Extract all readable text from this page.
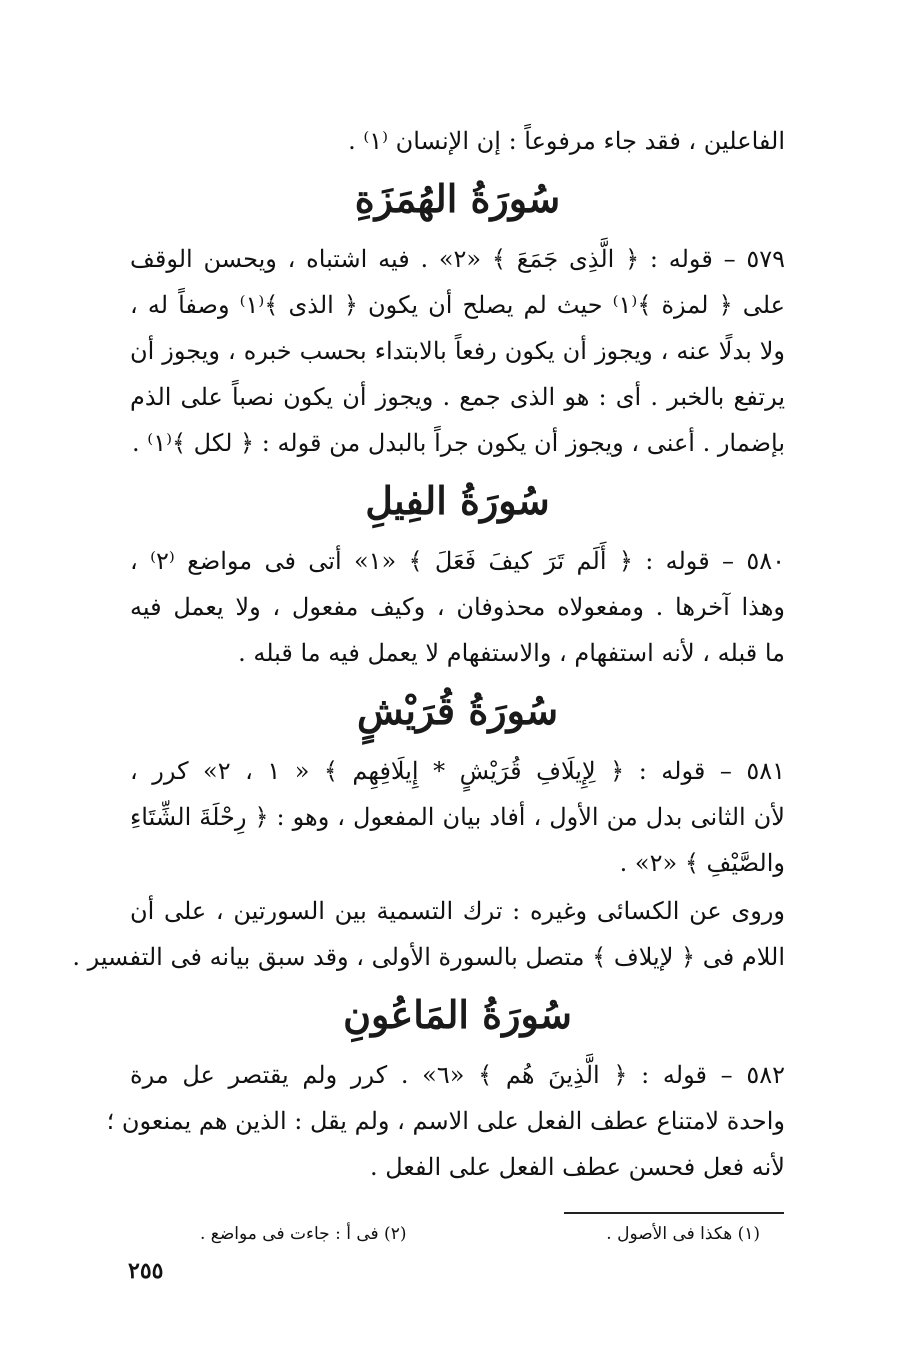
الفاعلين ، فقد جاء مرفوعاً : إن الإنسان ⁽١⁾ .
سُورَةُ الهُمَزَةِ
٥٧٩ – قوله : ﴿ الَّذِى جَمَعَ ﴾ «٢» . فيه اشتباه ، ويحسن الوقف
على ﴿ لمزة ﴾⁽١⁾ حيث لم يصلح أن يكون ﴿ الذى ﴾⁽١⁾ وصفاً له ،
ولا بدلًا عنه ، ويجوز أن يكون رفعاً بالابتداء بحسب خبره ، ويجوز أن
يرتفع بالخبر . أى : هو الذى جمع . ويجوز أن يكون نصباً على الذم
بإضمار . أعنى ، ويجوز أن يكون جراً بالبدل من قوله : ﴿ لكل ﴾⁽١⁾ .
سُورَةُ الفِيلِ
٥٨٠ – قوله : ﴿ أَلَم تَرَ كيفَ فَعَلَ ﴾ «١» أتى فى مواضع ⁽٢⁾ ،
وهذا آخرها . ومفعولاه محذوفان ، وكيف مفعول ، ولا يعمل فيه
ما قبله ، لأنه استفهام ، والاستفهام لا يعمل فيه ما قبله .
سُورَةُ قُرَيْشٍ
٥٨١ – قوله : ﴿ لِإِيلَافِ قُرَيْشٍ * إِيلَافِهِم ﴾ « ١ ، ٢» كرر ،
لأن الثانى بدل من الأول ، أفاد بيان المفعول ، وهو : ﴿ رِحْلَةَ الشِّتَاءِ
والصَّيْفِ ﴾ «٢» .
وروى عن الكسائى وغيره : ترك التسمية بين السورتين ، على أن
اللام فى ﴿ لإيلاف ﴾ متصل بالسورة الأولى ، وقد سبق بيانه فى التفسير .
سُورَةُ المَاعُونِ
٥٨٢ – قوله : ﴿ الَّذِينَ هُم ﴾ «٦» . كرر ولم يقتصر عل مرة
واحدة لامتناع عطف الفعل على الاسم ، ولم يقل : الذين هم يمنعون ؛
لأنه فعل فحسن عطف الفعل على الفعل .
(١) هكذا فى الأصول .
(٢) فى أ : جاءت فى مواضع .
٢٥٥
